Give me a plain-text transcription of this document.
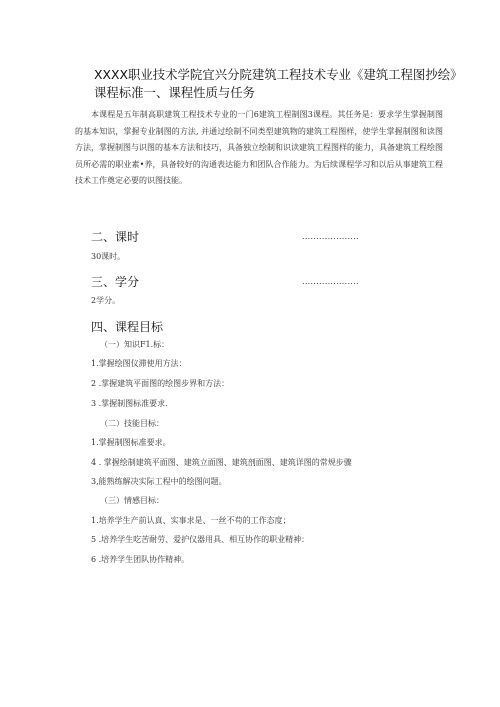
XXXX职业技术学院宜兴分院建筑工程技术专业《建筑工程图抄绘》
课程标准一、课程性质与任务
本课程是五年制高职建筑工程技术专业的一门6建筑工程制图3课程。其任务是：要求学生掌握制图的基本知识，掌握专业制图的方法, 并通过绘制不同类型建筑物的建筑工程图样，使学生掌握制图和读图方法，掌握制图与识图的基本方法和技巧，具备独立绘制和识读建筑工程图样的能力，具备建筑工程绘图员所必需的职业素•养，具备较好的沟通表达能力和团队合作能力。为后续课程学习和以后从事建筑工程技术工作奠定必要的识图技能。
二、课时	....................
30课时。
三、学分	....................
2学分。
四、课程目标
（一）知识F1.标：
1.掌握绘图仪滞使用方法：
2 .掌握建筑平面图的绘图步界和方法：
3 .掌握制图标准要求.
（二）技能目标：
1.掌握制图标准要求。
4 . 掌握绘制建筑平面图、建筑立面图、建筑剖面图、建筑详图的常规步骤
3,能熟练解决实际工程中的绘图问题。
（三）情感目标：
1.培养学生产前认真、实事求是、一丝不苟的工作态度；
5 .培养学生吃苦耐劳、爱护仪器用具、相互协作的职业精神：
6 .培养学生团队协作精神。
